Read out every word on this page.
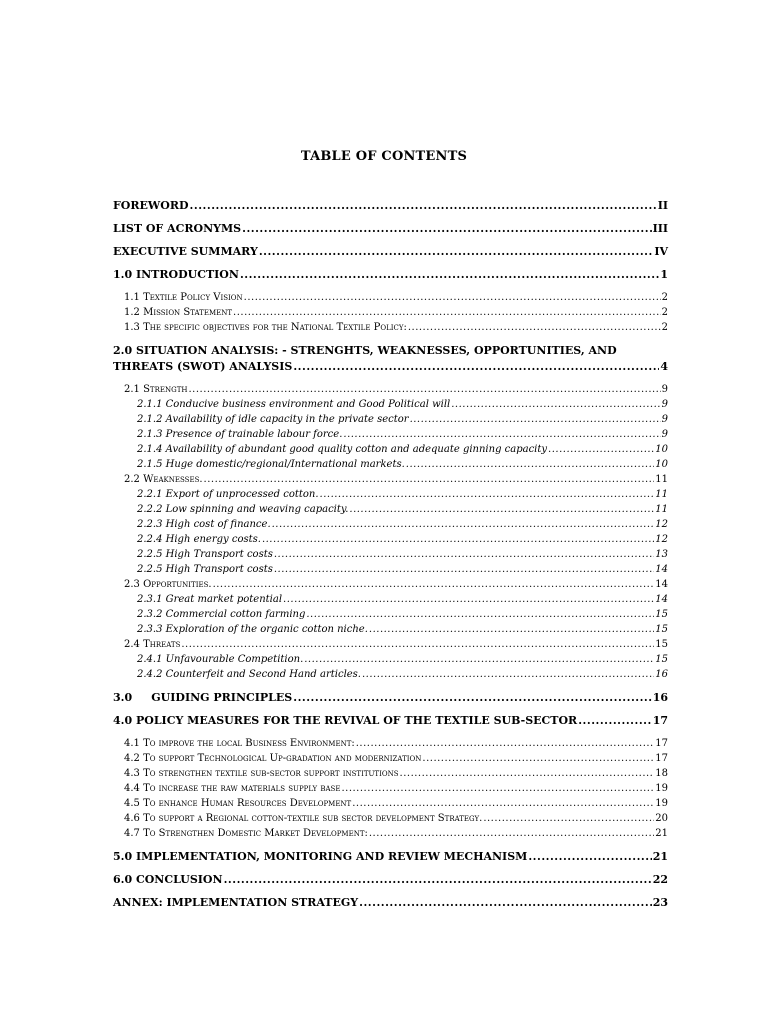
TABLE OF CONTENTS
FOREWORD .....	II
LIST OF ACRONYMS .....	III
EXECUTIVE SUMMARY .....	IV
1.0 INTRODUCTION .....	1
1.1 Textile Policy Vision .....	2
1.2 Mission Statement .....	2
1.3 The specific objectives for the National Textile Policy: .....	2
2.0 SITUATION ANALYSIS: - STRENGHTS, WEAKNESSES, OPPORTUNITIES, AND
THREATS (SWOT) ANALYSIS .....	4
2.1 Strength .....	9
2.1.1 Conducive business environment and Good Political will .....	9
2.1.2 Availability of idle capacity in the private sector .....	9
2.1.3 Presence of trainable labour force. .....	9
2.1.4 Availability of abundant good quality cotton and adequate ginning capacity .....	10
2.1.5 Huge domestic/regional/International markets. .....	10
2.2 Weaknesses. .....	11
2.2.1 Export of unprocessed cotton. .....	11
2.2.2 Low spinning and weaving capacity. .....	11
2.2.3 High cost of finance. .....	12
2.2.4 High energy costs. .....	12
2.2.5 High Transport costs .....	13
2.2.5 High Transport costs .....	14
2.3 Opportunities. .....	14
2.3.1 Great market potential .....	14
2.3.2 Commercial cotton farming .....	15
2.3.3 Exploration of the organic cotton niche. .....	15
2.4 Threats .....	15
2.4.1 Unfavourable Competition. .....	15
2.4.2 Counterfeit and Second Hand articles. .....	16
3.0     GUIDING PRINCIPLES .....	16
4.0 POLICY MEASURES FOR THE REVIVAL OF THE TEXTILE SUB-SECTOR .....	17
4.1 To improve the local Business Environment: .....	17
4.2 To support Technological Up-gradation and modernization .....	17
4.3 To strengthen textile sub-sector support institutions .....	18
4.4 To increase the raw materials supply base .....	19
4.5 To enhance Human Resources Development .....	19
4.6 To support a Regional cotton-textile sub sector development Strategy. .....	20
4.7 To Strengthen Domestic Market Development: .....	21
5.0 IMPLEMENTATION, MONITORING AND REVIEW MECHANISM .....	21
6.0 CONCLUSION .....	22
ANNEX: IMPLEMENTATION STRATEGY .....	23
